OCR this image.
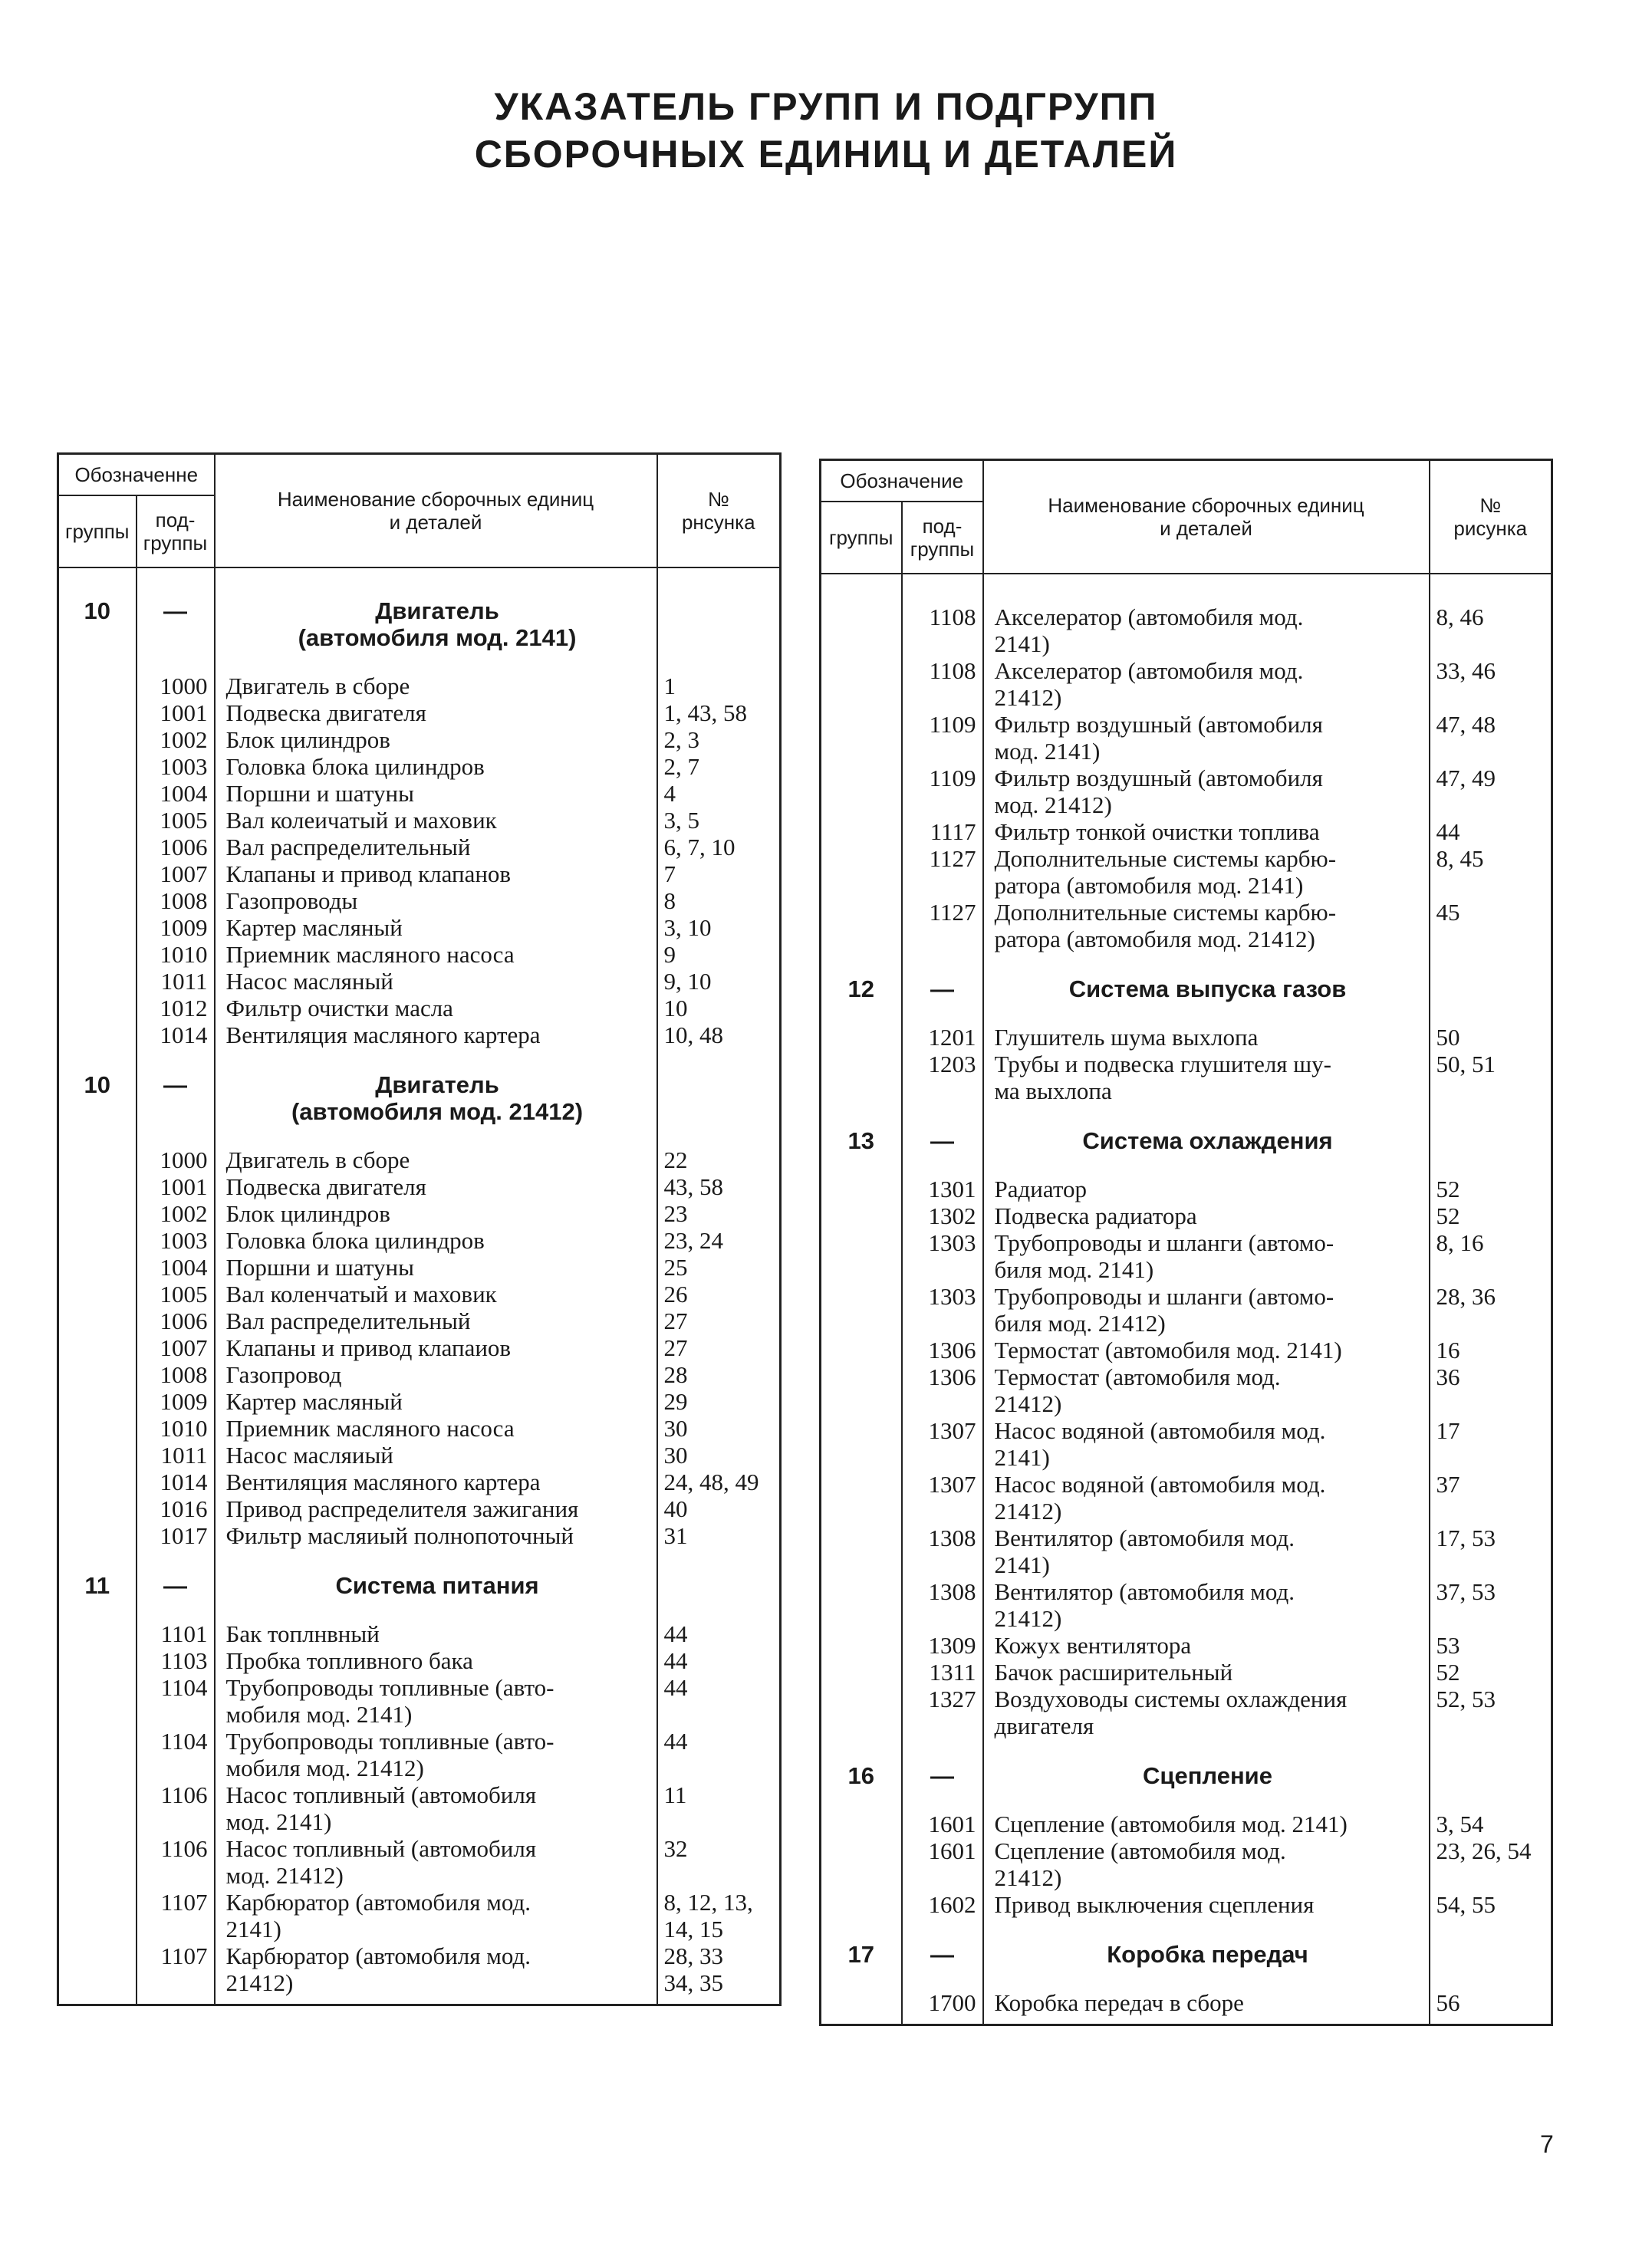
УКАЗАТЕЛЬ ГРУПП И ПОДГРУПП
СБОРОЧНЫХ ЕДИНИЦ И ДЕТАЛЕЙ
Обозначенне		Наименование сборочных единиц
и деталей	№
рнсунка
группы	под-
группы		
10	—	Двигатель
(автомобиля мод. 2141)	

	1000	Двигатель в сборе	1
	1001	Подвеска двигателя	1, 43, 58
	1002	Блок цилиндров	2, 3
	1003	Головка блока цилиндров	2, 7
	1004	Поршни и шатуны	4
	1005	Вал колеичатый и маховик	3, 5
	1006	Вал распределительный	6, 7, 10
	1007	Клапаны и привод клапанов	7
	1008	Газопроводы	8
	1009	Картер масляный	3, 10
	1010	Приемник масляного насоса	9
	1011	Насос масляный	9, 10
	1012	Фильтр очистки масла	10
	1014	Вентиляция масляного картера	10, 48
10	—	Двигатель
(автомобиля мод. 21412)	

	1000	Двигатель в сборе	22
	1001	Подвеска двигателя	43, 58
	1002	Блок цилиндров	23
	1003	Головка блока цилиндров	23, 24
	1004	Поршни и шатуны	25
	1005	Вал коленчатый и маховик	26
	1006	Вал распределительный	27
	1007	Клапаны и привод клапаиов	27
	1008	Газопровод	28
	1009	Картер масляный	29
	1010	Приемник масляного насоса	30
	1011	Насос масляиый	30
	1014	Вентиляция масляного картера	24, 48, 49
	1016	Привод распределителя зажигания	40
	1017	Фильтр масляиый полнопоточный	31
11	—	Система питания	

	1101	Бак топлнвный	44
	1103	Пробка топливного бака	44
	1104	Трубопроводы топливные (авто-
мобиля мод. 2141)	44
	1104	Трубопроводы топливные (авто-
мобиля мод. 21412)	44
	1106	Насос топливный (автомобиля
мод. 2141)	11
	1106	Насос топливный (автомобиля
мод. 21412)	32
	1107	Карбюратор (автомобиля мод.
2141)	8, 12, 13,
14, 15
	1107	Карбюратор (автомобиля мод.
21412)	28, 33
34, 35
Обозначение		Наименование сборочных единиц
и деталей	№
рисунка
группы	под-
группы		
	1108	Акселератор (автомобиля мод.
2141)	8, 46
	1108	Акселератор (автомобиля мод.
21412)	33, 46
	1109	Фильтр воздушный (автомобиля
мод. 2141)	47, 48
	1109	Фильтр воздушный (автомобиля
мод. 21412)	47, 49
	1117	Фильтр тонкой очистки топлива	44
	1127	Дополнительные системы карбю-
ратора (автомобиля мод. 2141)	8, 45
	1127	Дополнительные системы карбю-
ратора (автомобиля мод. 21412)	45
12	—	Система выпуска газов	

	1201	Глушитель шума выхлопа	50
	1203	Трубы и подвеска глушителя шу-
ма выхлопа	50, 51
13	—	Система охлаждения	

	1301	Радиатор	52
	1302	Подвеска радиатора	52
	1303	Трубопроводы и шланги (автомо-
биля мод. 2141)	8, 16
	1303	Трубопроводы и шланги (автомо-
биля мод. 21412)	28, 36
	1306	Термостат (автомобиля мод. 2141)	16
	1306	Термостат (автомобиля мод.
21412)	36
	1307	Насос водяной (автомобиля мод.
2141)	17
	1307	Насос водяной (автомобиля мод.
21412)	37
	1308	Вентилятор (автомобиля мод.
2141)	17, 53
	1308	Вентилятор (автомобиля мод.
21412)	37, 53
	1309	Кожух вентилятора	53
	1311	Бачок расширительный	52
	1327	Воздуховоды системы охлаждения
двигателя	52, 53
16	—	Сцепление	

	1601	Сцепление (автомобиля мод. 2141)	3, 54
	1601	Сцепление (автомобиля мод.
21412)	23, 26, 54
	1602	Привод выключения сцепления	54, 55
17	—	Коробка передач	

	1700	Коробка передач в сборе	56
7
